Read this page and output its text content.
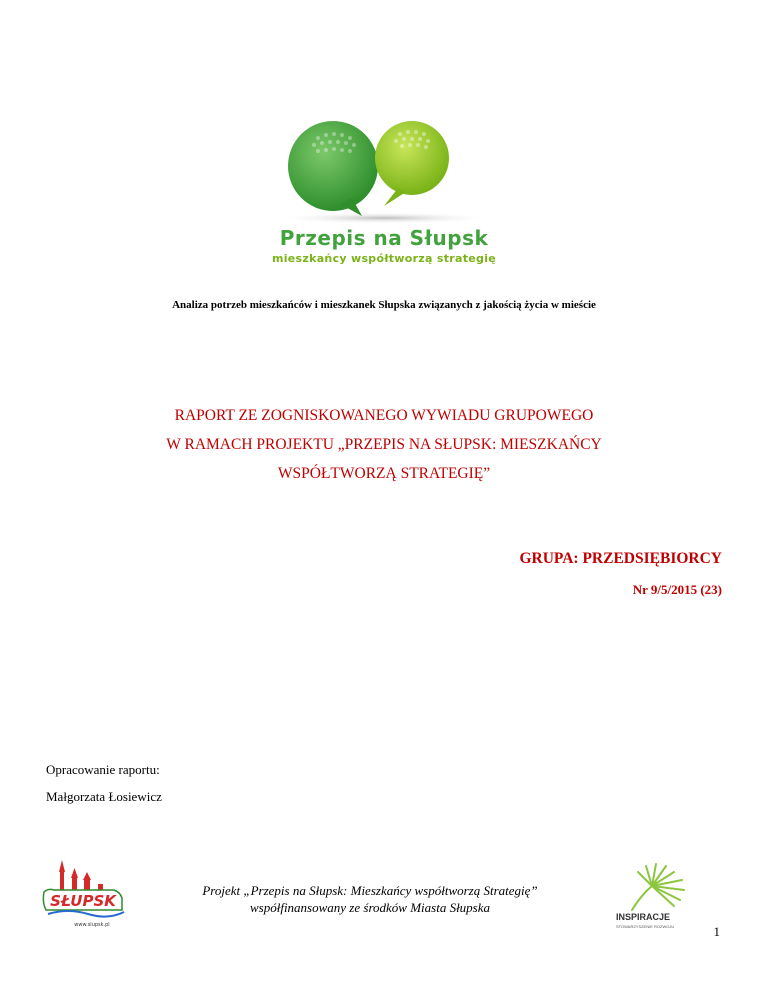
Przepis na Słupsk
mieszkańcy współtworzą strategię
Analiza potrzeb mieszkańców i mieszkanek Słupska związanych z jakością życia w mieście
RAPORT ZE ZOGNISKOWANEGO WYWIADU GRUPOWEGO
W RAMACH PROJEKTU „PRZEPIS NA SŁUPSK: MIESZKAŃCY
WSPÓŁTWORZĄ STRATEGIĘ”
GRUPA: PRZEDSIĘBIORCY
Nr 9/5/2015 (23)
Opracowanie raportu:
Małgorzata Łosiewicz
SŁUPSK
www.slupsk.pl
Projekt „Przepis na Słupsk: Mieszkańcy współtworzą Strategię”
współfinansowany ze środków Miasta Słupska
INSPIRACJE
STOWARZYSZENIE ROZWOJU	1
